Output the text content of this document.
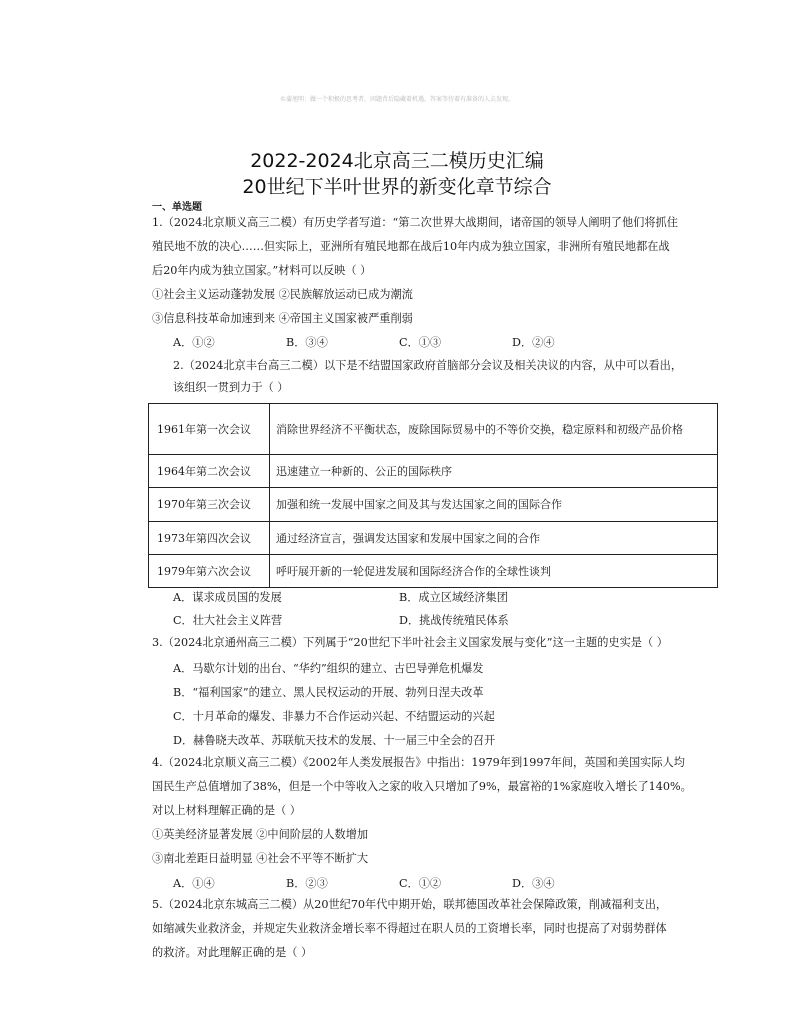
©蒲旭明：做一个积极的思考者，问题背后隐藏着机遇，答案等待着有准备的人去发现。
2022-2024北京高三二模历史汇编
20世纪下半叶世界的新变化章节综合
一、单选题
1.（2024北京顺义高三二模）有历史学者写道：“第二次世界大战期间，诸帝国的领导人阐明了他们将抓住
殖民地不放的决心……但实际上，亚洲所有殖民地都在战后10年内成为独立国家，非洲所有殖民地都在战
后20年内成为独立国家。”材料可以反映（ ）
①社会主义运动蓬勃发展 ②民族解放运动已成为潮流
③信息科技革命加速到来 ④帝国主义国家被严重削弱
A．①②	B．③④	C．①③	D．②④
2.（2024北京丰台高三二模）以下是不结盟国家政府首脑部分会议及相关决议的内容，从中可以看出，
该组织一贯到力于（ ）
1961年第一次会议	消除世界经济不平衡状态，废除国际贸易中的不等价交换，稳定原料和初级产品价格
1964年第二次会议	迅速建立一种新的、公正的国际秩序
1970年第三次会议	加强和统一发展中国家之间及其与发达国家之间的国际合作
1973年第四次会议	通过经济宣言，强调发达国家和发展中国家之间的合作
1979年第六次会议	呼吁展开新的一轮促进发展和国际经济合作的全球性谈判
A．谋求成员国的发展	B．成立区域经济集团
C．壮大社会主义阵营	D．挑战传统殖民体系
3.（2024北京通州高三二模）下列属于“20世纪下半叶社会主义国家发展与变化”这一主题的史实是（ ）
A．马歇尔计划的出台、“华约”组织的建立、古巴导弹危机爆发
B．“福利国家”的建立、黑人民权运动的开展、勃列日涅夫改革
C．十月革命的爆发、非暴力不合作运动兴起、不结盟运动的兴起
D．赫鲁晓夫改革、苏联航天技术的发展、十一届三中全会的召开
4.（2024北京顺义高三二模）《2002年人类发展报告》中指出：1979年到1997年间，英国和美国实际人均
国民生产总值增加了38%，但是一个中等收入之家的收入只增加了9%，最富裕的1%家庭收入增长了140%。
对以上材料理解正确的是（ ）
①英美经济显著发展 ②中间阶层的人数增加
③南北差距日益明显 ④社会不平等不断扩大
A．①④	B．②③	C．①②	D．③④
5.（2024北京东城高三二模）从20世纪70年代中期开始，联邦德国改革社会保障政策，削减福利支出，
如缩减失业救济金，并规定失业救济金增长率不得超过在职人员的工资增长率，同时也提高了对弱势群体
的救济。对此理解正确的是（ ）
